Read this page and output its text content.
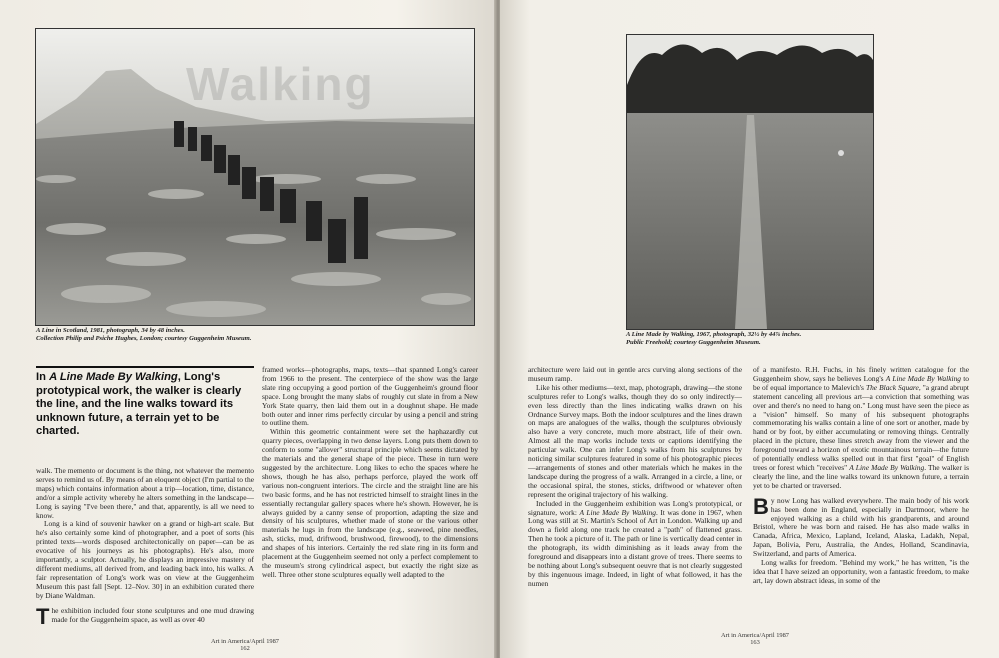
Walking
A Line in Scotland, 1981, photograph, 34 by 48 inches.
Collection Philip and Psiche Hughes, London; courtesy Guggenheim Museum.
In A Line Made By Walking, Long's prototypical work, the walker is clearly the line, and the line walks toward its unknown future, a terrain yet to be charted.

walk. The memento or document is the thing, not whatever the memento serves to remind us of. By means of an eloquent object (I'm partial to the maps) which contains information about a trip—location, time, distance, and/or a simple activity whereby he alters something in the landscape—Long is saying "I've been there," and that, apparently, is all we need to know.

Long is a kind of souvenir hawker on a grand or high-art scale. But he's also certainly some kind of photographer, and a poet of sorts (his printed texts—words disposed architectonically on paper—can be as evocative of his journeys as his photographs). He's also, more importantly, a sculptor. Actually, he displays an impressive mastery of different mediums, all derived from, and leading back into, his walks. A fair representation of Long's work was on view at the Guggenheim Museum this past fall [Sept. 12–Nov. 30] in an exhibition curated there by Diane Waldman.

The exhibition included four stone sculptures and one mud drawing made for the Guggenheim space, as well as over 40

framed works—photographs, maps, texts—that spanned Long's career from 1966 to the present. The centerpiece of the show was the large slate ring occupying a good portion of the Guggenheim's ground floor space. Long brought the many slabs of roughly cut slate in from a New York State quarry, then laid them out in a doughnut shape. He made both outer and inner rims perfectly circular by using a pencil and string to outline them.

Within this geometric containment were set the haphazardly cut quarry pieces, overlapping in two dense layers. Long puts them down to conform to some "allover" structural principle which seems dictated by the materials and the general shape of the piece. These in turn were suggested by the architecture. Long likes to echo the spaces where he shows, though he has also, perhaps perforce, played the work off various non-congruent interiors. The circle and the straight line are his two basic forms, and he has not restricted himself to straight lines in the essentially rectangular gallery spaces where he's shown. However, he is always guided by a canny sense of proportion, adapting the size and density of his sculptures, whether made of stone or the various other materials he lugs in from the landscape (e.g., seaweed, pine needles, ash, sticks, mud, driftwood, brushwood, firewood), to the dimensions and shapes of his interiors. Certainly the red slate ring in its form and placement at the Guggenheim seemed not only a perfect complement to the museum's strong cylindrical aspect, but exactly the right size as well. Three other stone sculptures equally well adapted to the

Art in America/April 1987
162
A Line Made by Walking, 1967, photograph, 32½ by 44⅞ inches.
Public Freehold; courtesy Guggenheim Museum.

architecture were laid out in gentle arcs curving along sections of the museum ramp.

Like his other mediums—text, map, photograph, drawing—the stone sculptures refer to Long's walks, though they do so only indirectly—even less directly than the lines indicating walks drawn on his Ordnance Survey maps. Both the indoor sculptures and the lines drawn on maps are analogues of the walks, though the sculptures obviously also have a very concrete, much more abstract, life of their own. Almost all the map works include texts or captions identifying the particular walk. One can infer Long's walks from his sculptures by noticing similar sculptures featured in some of his photographic pieces—arrangements of stones and other materials which he makes in the landscape during the progress of a walk. Arranged in a circle, a line, or the occasional spiral, the stones, sticks, driftwood or whatever often represent the original trajectory of his walking.

Included in the Guggenheim exhibition was Long's prototypical, or signature, work: A Line Made By Walking. It was done in 1967, when Long was still at St. Martin's School of Art in London. Walking up and down a field along one track he created a "path" of flattened grass. Then he took a picture of it. The path or line is vertically dead center in the photograph, its width diminishing as it leads away from the foreground and disappears into a distant grove of trees. There seems to be nothing about Long's subsequent oeuvre that is not clearly suggested by this ingenuous image. Indeed, in light of what followed, it has the numen

of a manifesto. R.H. Fuchs, in his finely written catalogue for the Guggenheim show, says he believes Long's A Line Made By Walking to be of equal importance to Malevich's The Black Square, "a grand abrupt statement canceling all previous art—a conviction that something was over and there's no need to hang on." Long must have seen the piece as a "vision" himself. So many of his subsequent photographs commemorating his walks contain a line of one sort or another, made by hand or by foot, by either accumulating or removing things. Centrally placed in the picture, these lines stretch away from the viewer and the foreground toward a horizon of exotic mountainous terrain—the future of potentially endless walks spelled out in that first "goal" of English trees or forest which "receives" A Line Made By Walking. The walker is clearly the line, and the line walks toward its unknown future, a terrain yet to be charted or traversed.

By now Long has walked everywhere. The main body of his work has been done in England, especially in Dartmoor, where he enjoyed walking as a child with his grandparents, and around Bristol, where he was born and raised. He has also made walks in Canada, Africa, Mexico, Lapland, Iceland, Alaska, Ladakh, Nepal, Japan, Bolivia, Peru, Australia, the Andes, Holland, Scandinavia, Switzerland, and parts of America.

Long walks for freedom. "Behind my work," he has written, "is the idea that I have seized an opportunity, won a fantastic freedom, to make art, lay down abstract ideas, in some of the

Art in America/April 1987
163
